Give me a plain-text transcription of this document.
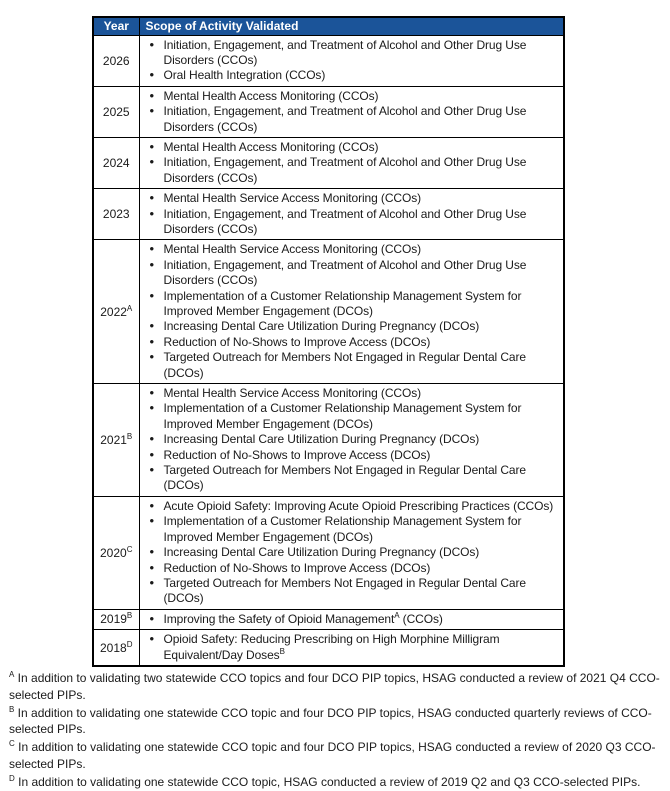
Year	Scope of Activity Validated
2026	
• Initiation, Engagement, and Treatment of Alcohol and Other Drug Use Disorders (CCOs)
• Oral Health Integration (CCOs)

2025	
• Mental Health Access Monitoring (CCOs)
• Initiation, Engagement, and Treatment of Alcohol and Other Drug Use Disorders (CCOs)

2024	
• Mental Health Access Monitoring (CCOs)
• Initiation, Engagement, and Treatment of Alcohol and Other Drug Use Disorders (CCOs)

2023	
• Mental Health Service Access Monitoring (CCOs)
• Initiation, Engagement, and Treatment of Alcohol and Other Drug Use Disorders (CCOs)

$2022^A$	
• Mental Health Service Access Monitoring (CCOs)
• Initiation, Engagement, and Treatment of Alcohol and Other Drug Use Disorders (CCOs)
• Implementation of a Customer Relationship Management System for Improved Member Engagement (DCOs)
• Increasing Dental Care Utilization During Pregnancy (DCOs)
• Reduction of No-Shows to Improve Access (DCOs)
• Targeted Outreach for Members Not Engaged in Regular Dental Care (DCOs)

$2021^B$	
• Mental Health Service Access Monitoring (CCOs)
• Implementation of a Customer Relationship Management System for Improved Member Engagement (DCOs)
• Increasing Dental Care Utilization During Pregnancy (DCOs)
• Reduction of No-Shows to Improve Access (DCOs)
• Targeted Outreach for Members Not Engaged in Regular Dental Care (DCOs)

$2020^C$	
• Acute Opioid Safety: Improving Acute Opioid Prescribing Practices (CCOs)
• Implementation of a Customer Relationship Management System for Improved Member Engagement (DCOs)
• Increasing Dental Care Utilization During Pregnancy (DCOs)
• Reduction of No-Shows to Improve Access (DCOs)
• Targeted Outreach for Members Not Engaged in Regular Dental Care (DCOs)

$2019^B$	
•Improving the Safety of Opioid Management$^A$ (CCOs)

$2018^D$	
•Opioid Safety: Reducing Prescribing on High Morphine Milligram Equivalent/Day Doses$^B$

$^A$ In addition to validating two statewide CCO topics and four DCO PIP topics, HSAG conducted a review of 2021 Q4 CCO-selected PIPs.

$^B$ In addition to validating one statewide CCO topic and four DCO PIP topics, HSAG conducted quarterly reviews of CCO-selected PIPs.

$^C$ In addition to validating one statewide CCO topic and four DCO PIP topics, HSAG conducted a review of 2020 Q3 CCO-selected PIPs.

$^D$ In addition to validating one statewide CCO topic, HSAG conducted a review of 2019 Q2 and Q3 CCO-selected PIPs.
